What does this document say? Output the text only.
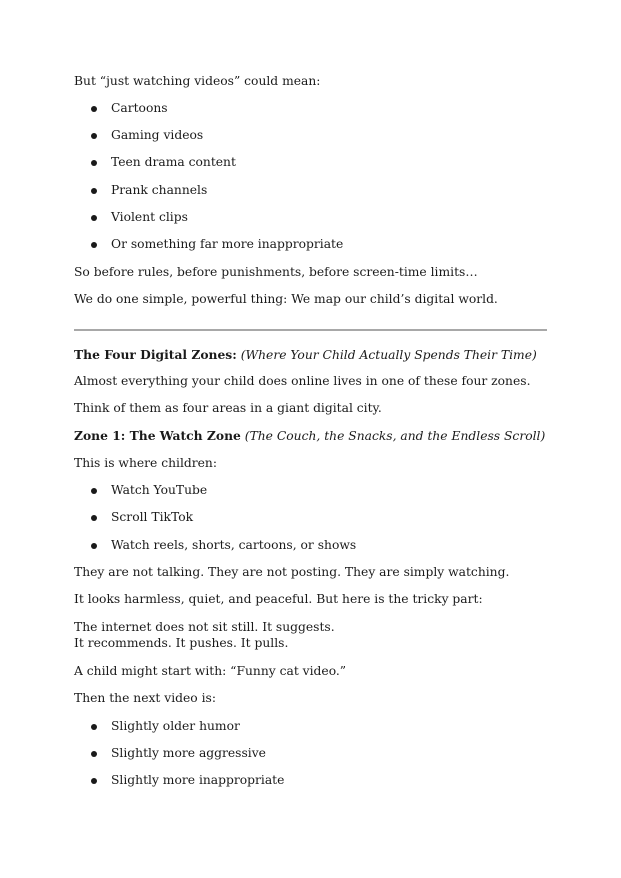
But “just watching videos” could mean:
Cartoons
Gaming videos
Teen drama content
Prank channels
Violent clips
Or something far more inappropriate
So before rules, before punishments, before screen-time limits…
We do one simple, powerful thing: We map our child’s digital world.
The Four Digital Zones: (Where Your Child Actually Spends Their Time)
Almost everything your child does online lives in one of these four zones.
Think of them as four areas in a giant digital city.
Zone 1: The Watch Zone (The Couch, the Snacks, and the Endless Scroll)
This is where children:
Watch YouTube
Scroll TikTok
Watch reels, shorts, cartoons, or shows
They are not talking. They are not posting. They are simply watching.
It looks harmless, quiet, and peaceful. But here is the tricky part:
The internet does not sit still. It suggests.
It recommends. It pushes. It pulls.
A child might start with: “Funny cat video.”
Then the next video is:
Slightly older humor
Slightly more aggressive
Slightly more inappropriate
